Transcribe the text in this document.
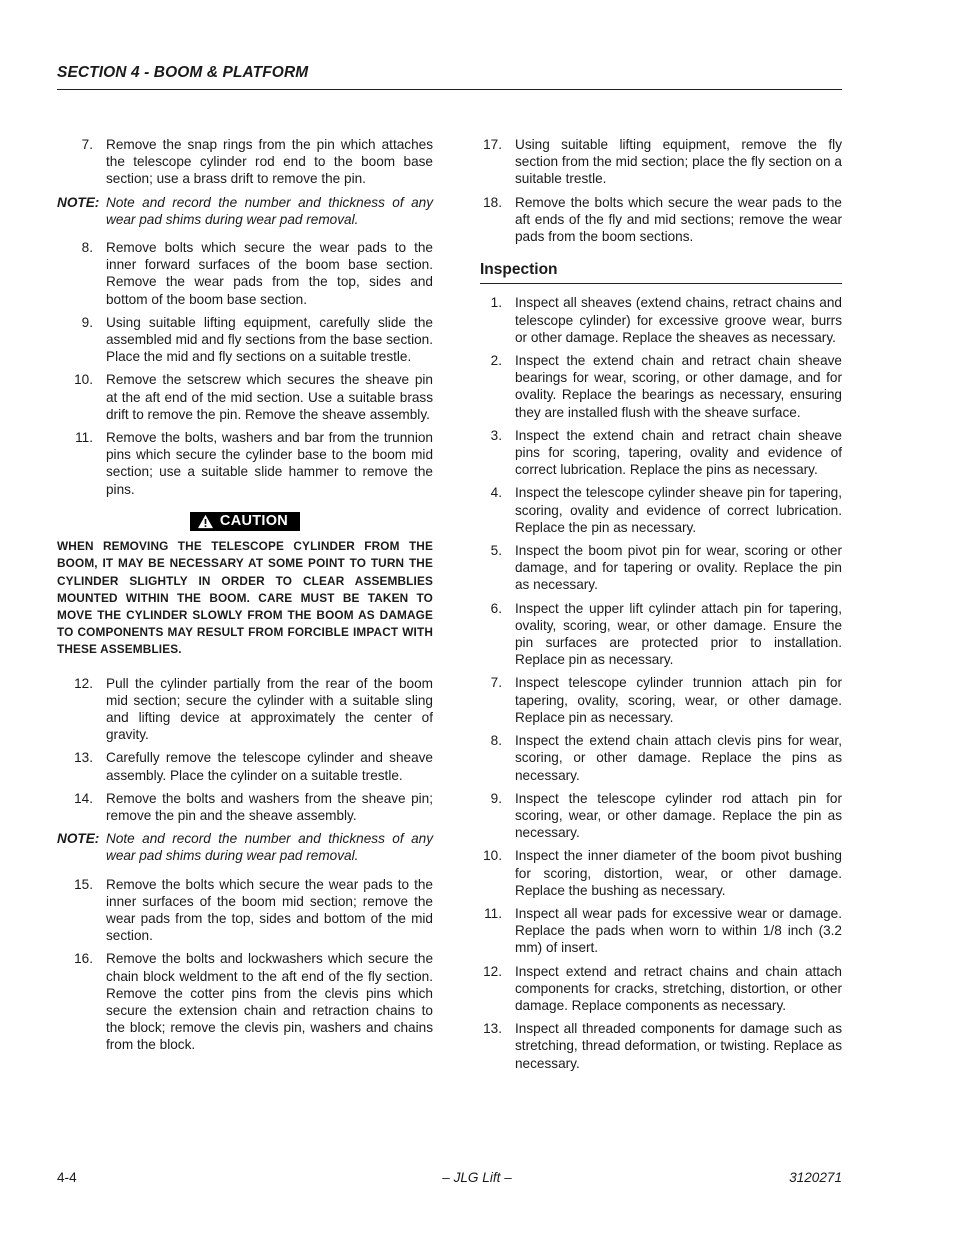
SECTION 4 - BOOM & PLATFORM
7. Remove the snap rings from the pin which attaches the telescope cylinder rod end to the boom base section; use a brass drift to remove the pin.
NOTE: Note and record the number and thickness of any wear pad shims during wear pad removal.
8. Remove bolts which secure the wear pads to the inner forward surfaces of the boom base section. Remove the wear pads from the top, sides and bottom of the boom base section.
9. Using suitable lifting equipment, carefully slide the assembled mid and fly sections from the base section. Place the mid and fly sections on a suitable trestle.
10. Remove the setscrew which secures the sheave pin at the aft end of the mid section. Use a suitable brass drift to remove the pin. Remove the sheave assembly.
11. Remove the bolts, washers and bar from the trunnion pins which secure the cylinder base to the boom mid section; use a suitable slide hammer to remove the pins.
CAUTION
WHEN REMOVING THE TELESCOPE CYLINDER FROM THE BOOM, IT MAY BE NECESSARY AT SOME POINT TO TURN THE CYLINDER SLIGHTLY IN ORDER TO CLEAR ASSEMBLIES MOUNTED WITHIN THE BOOM. CARE MUST BE TAKEN TO MOVE THE CYLINDER SLOWLY FROM THE BOOM AS DAMAGE TO COMPONENTS MAY RESULT FROM FORCIBLE IMPACT WITH THESE ASSEMBLIES.
12. Pull the cylinder partially from the rear of the boom mid section; secure the cylinder with a suitable sling and lifting device at approximately the center of gravity.
13. Carefully remove the telescope cylinder and sheave assembly. Place the cylinder on a suitable trestle.
14. Remove the bolts and washers from the sheave pin; remove the pin and the sheave assembly.
NOTE: Note and record the number and thickness of any wear pad shims during wear pad removal.
15. Remove the bolts which secure the wear pads to the inner surfaces of the boom mid section; remove the wear pads from the top, sides and bottom of the mid section.
16. Remove the bolts and lockwashers which secure the chain block weldment to the aft end of the fly section. Remove the cotter pins from the clevis pins which secure the extension chain and retraction chains to the block; remove the clevis pin, washers and chains from the block.
17. Using suitable lifting equipment, remove the fly section from the mid section; place the fly section on a suitable trestle.
18. Remove the bolts which secure the wear pads to the aft ends of the fly and mid sections; remove the wear pads from the boom sections.
Inspection
1. Inspect all sheaves (extend chains, retract chains and telescope cylinder) for excessive groove wear, burrs or other damage. Replace the sheaves as necessary.
2. Inspect the extend chain and retract chain sheave bearings for wear, scoring, or other damage, and for ovality. Replace the bearings as necessary, ensuring they are installed flush with the sheave surface.
3. Inspect the extend chain and retract chain sheave pins for scoring, tapering, ovality and evidence of correct lubrication. Replace the pins as necessary.
4. Inspect the telescope cylinder sheave pin for tapering, scoring, ovality and evidence of correct lubrication. Replace the pin as necessary.
5. Inspect the boom pivot pin for wear, scoring or other damage, and for tapering or ovality. Replace the pin as necessary.
6. Inspect the upper lift cylinder attach pin for tapering, ovality, scoring, wear, or other damage. Ensure the pin surfaces are protected prior to installation. Replace pin as necessary.
7. Inspect telescope cylinder trunnion attach pin for tapering, ovality, scoring, wear, or other damage. Replace pin as necessary.
8. Inspect the extend chain attach clevis pins for wear, scoring, or other damage. Replace the pins as necessary.
9. Inspect the telescope cylinder rod attach pin for scoring, wear, or other damage. Replace the pin as necessary.
10. Inspect the inner diameter of the boom pivot bushing for scoring, distortion, wear, or other damage. Replace the bushing as necessary.
11. Inspect all wear pads for excessive wear or damage. Replace the pads when worn to within 1/8 inch (3.2 mm) of insert.
12. Inspect extend and retract chains and chain attach components for cracks, stretching, distortion, or other damage. Replace components as necessary.
13. Inspect all threaded components for damage such as stretching, thread deformation, or twisting. Replace as necessary.
4-4	– JLG Lift –	3120271
